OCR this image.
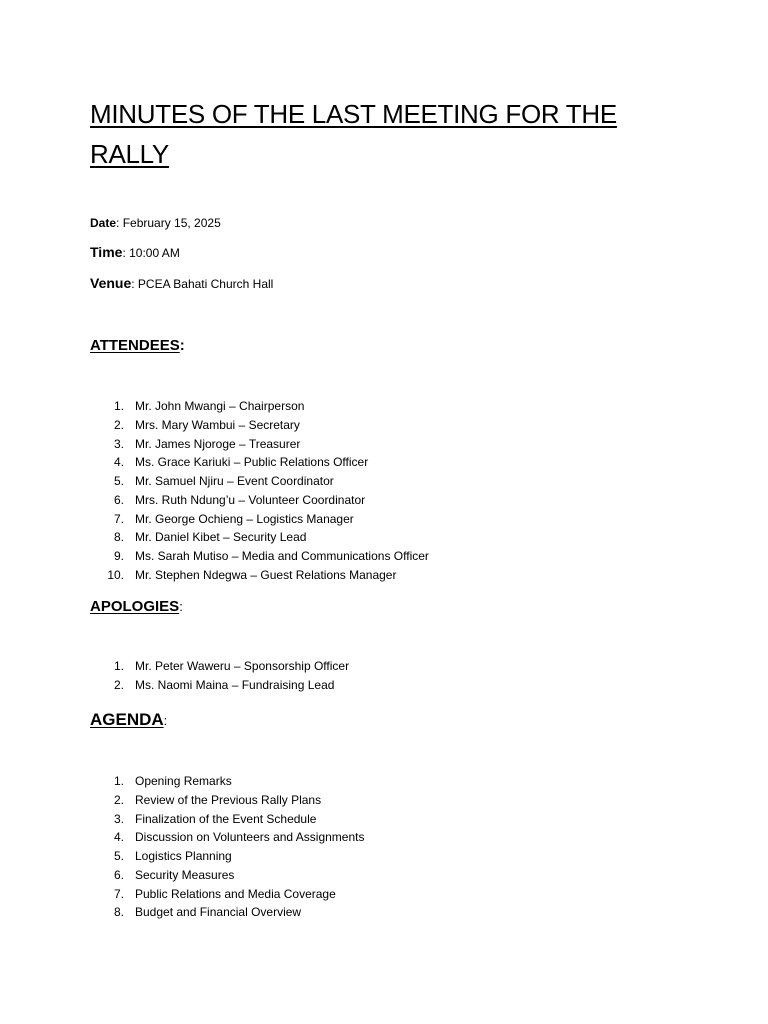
MINUTES OF THE LAST MEETING FOR THE RALLY
Date: February 15, 2025
Time: 10:00 AM
Venue: PCEA Bahati Church Hall
ATTENDEES:
1. Mr. John Mwangi – Chairperson
2. Mrs. Mary Wambui – Secretary
3. Mr. James Njoroge – Treasurer
4. Ms. Grace Kariuki – Public Relations Officer
5. Mr. Samuel Njiru – Event Coordinator
6. Mrs. Ruth Ndung’u – Volunteer Coordinator
7. Mr. George Ochieng – Logistics Manager
8. Mr. Daniel Kibet – Security Lead
9. Ms. Sarah Mutiso – Media and Communications Officer
10. Mr. Stephen Ndegwa – Guest Relations Manager
APOLOGIES:
1. Mr. Peter Waweru – Sponsorship Officer
2. Ms. Naomi Maina – Fundraising Lead
AGENDA:
1. Opening Remarks
2. Review of the Previous Rally Plans
3. Finalization of the Event Schedule
4. Discussion on Volunteers and Assignments
5. Logistics Planning
6. Security Measures
7. Public Relations and Media Coverage
8. Budget and Financial Overview
